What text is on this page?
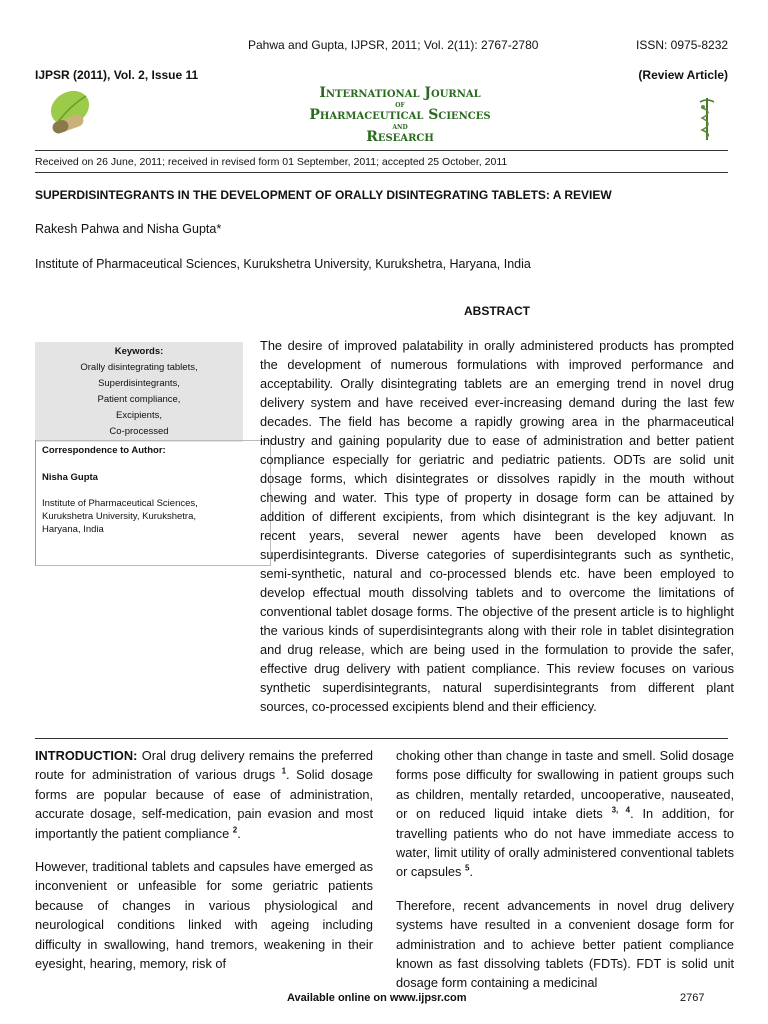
Pahwa and Gupta, IJPSR, 2011; Vol. 2(11): 2767-2780	ISSN: 0975-8232
IJPSR (2011), Vol. 2, Issue 11	(Review Article)
International Journal
of
Pharmaceutical Sciences
and
Research
Received on 26 June, 2011; received in revised form 01 September, 2011; accepted 25 October, 2011
SUPERDISINTEGRANTS IN THE DEVELOPMENT OF ORALLY DISINTEGRATING TABLETS: A REVIEW
Rakesh Pahwa and Nisha Gupta*
Institute of Pharmaceutical Sciences, Kurukshetra University, Kurukshetra, Haryana, India
ABSTRACT
Keywords:
Orally disintegrating tablets,
Superdisintegrants,
Patient compliance,
Excipients,
Co-processed
Correspondence to Author:
Nisha Gupta
Institute of Pharmaceutical Sciences,
Kurukshetra University, Kurukshetra,
Haryana, India
The desire of improved palatability in orally administered products has prompted the development of numerous formulations with improved performance and acceptability. Orally disintegrating tablets are an emerging trend in novel drug delivery system and have received ever-increasing demand during the last few decades. The field has become a rapidly growing area in the pharmaceutical industry and gaining popularity due to ease of administration and better patient compliance especially for geriatric and pediatric patients. ODTs are solid unit dosage forms, which disintegrates or dissolves rapidly in the mouth without chewing and water. This type of property in dosage form can be attained by addition of different excipients, from which disintegrant is the key adjuvant. In recent years, several newer agents have been developed known as superdisintegrants. Diverse categories of superdisintegrants such as synthetic, semi-synthetic, natural and co-processed blends etc. have been employed to develop effectual mouth dissolving tablets and to overcome the limitations of conventional tablet dosage forms. The objective of the present article is to highlight the various kinds of superdisintegrants along with their role in tablet disintegration and drug release, which are being used in the formulation to provide the safer, effective drug delivery with patient compliance. This review focuses on various synthetic superdisintegrants, natural superdisintegrants from different plant sources, co-processed excipients blend and their efficiency.

INTRODUCTION: Oral drug delivery remains the preferred route for administration of various drugs $^1$. Solid dosage forms are popular because of ease of administration, accurate dosage, self-medication, pain evasion and most importantly the patient compliance $^2$.

However, traditional tablets and capsules have emerged as inconvenient or unfeasible for some geriatric patients because of changes in various physiological and neurological conditions linked with ageing including difficulty in swallowing, hand tremors, weakening in their eyesight, hearing, memory, risk of

choking other than change in taste and smell. Solid dosage forms pose difficulty for swallowing in patient groups such as children, mentally retarded, uncooperative, nauseated, or on reduced liquid intake diets $^{3, 4}$. In addition, for travelling patients who do not have immediate access to water, limit utility of orally administered conventional tablets or capsules $^5$.

Therefore, recent advancements in novel drug delivery systems have resulted in a convenient dosage form for administration and to achieve better patient compliance known as fast dissolving tablets (FDTs). FDT is solid unit dosage form containing a medicinal

Available online on www.ijpsr.com	2767
